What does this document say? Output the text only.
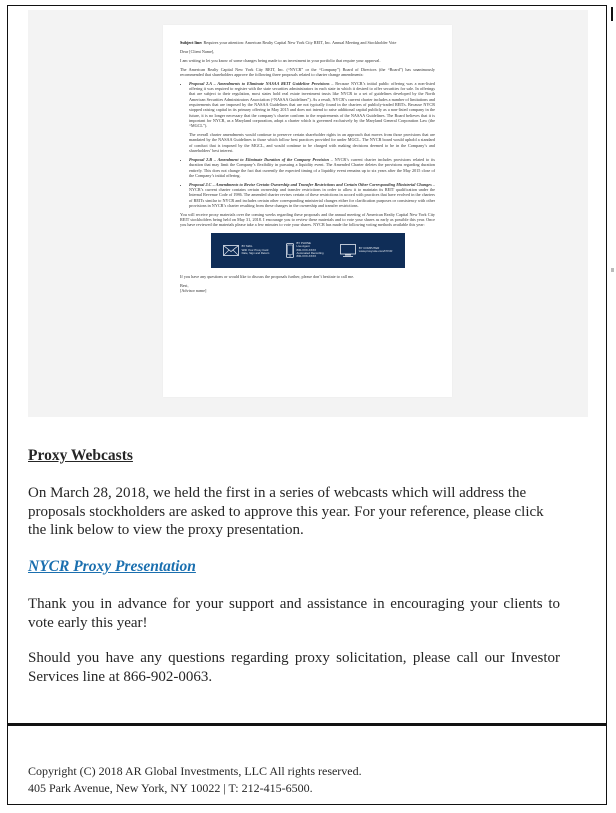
Subject line: Requires your attention: American Realty Capital New York City REIT, Inc. Annual Meeting and Stockholder Vote

Dear [Client Name],

I am writing to let you know of some changes being made to an investment in your portfolio that require your approval.

The American Realty Capital New York City REIT, Inc. (“NYCR” or the “Company”) Board of Directors (the “Board”) has unanimously recommended that shareholders approve the following three proposals related to charter change amendments:

• Proposal 2.A – Amendments to Eliminate NASAA REIT Guideline Provisions – Because NYCR’s initial public offering was a non-listed offering it was required to register with the state securities administrators in each state in which it desired to offer securities for sale. In offerings that are subject to their regulation, most states hold real estate investment trusts like NYCR to a set of guidelines developed by the North American Securities Administrators Association (“NASAA Guidelines”). As a result, NYCR’s current charter includes a number of limitations and requirements that are imposed by the NASAA Guidelines that are not typically found in the charters of publicly-traded REITs. Because NYCR stopped raising capital in its primary offering in May 2015 and does not intend to raise additional capital publicly as a non-listed company in the future, it is no longer necessary that the company’s charter conform to the requirements of the NASAA Guidelines. The Board believes that it is important for NYCR, as a Maryland corporation, adopt a charter which is governed exclusively by the Maryland General Corporation Law (the “MGCL”).

The overall charter amendments would continue to preserve certain shareholder rights in an approach that moves from those provisions that are mandated by the NASAA Guidelines to those which follow best practices provided for under MGCL. The NYCR board would uphold a standard of conduct that is imposed by the MGCL, and would continue to be charged with making decisions deemed to be in the Company’s and shareholders’ best interest.

• Proposal 2.B – Amendment to Eliminate Duration of the Company Provision – NYCR’s current charter includes provisions related to its duration that may limit the Company’s flexibility in pursuing a liquidity event. The Amended Charter deletes the provisions regarding duration entirely. This does not change the fact that currently the expected timing of a liquidity event remains up to six years after the May 2015 close of the Company’s initial offering.
• Proposal 2.C – Amendments to Revise Certain Ownership and Transfer Restrictions and Certain Other Corresponding Ministerial Changes – NYCR’s current charter contains certain ownership and transfer restrictions in order to allow it to maintain its REIT qualification under the Internal Revenue Code of 1986. The amended charter revises certain of these restrictions in accord with practices that have evolved in the charters of REITs similar to NYCR and includes certain other corresponding ministerial changes either for clarification purposes or consistency with other provisions in NYCR’s charter resulting from these changes in the ownership and transfer restrictions.

You will receive proxy materials over the coming weeks regarding these proposals and the annual meeting of American Realty Capital New York City REIT stockholders being held on May 31, 2018. I encourage you to review these materials and to vote your shares as early as possible this year. Once you have reviewed the materials please take a few minutes to vote your shares. NYCR has made the following voting methods available this year:

BY MAIL
With Your Proxy Card
Date, Sign and Return
BY PHONE
Live Agent
800-XXX-XXXX
Automated Recording
800-XXX-XXXX
BY COMPUTER
www.proxyvote.com/NYCR

If you have any questions or would like to discuss the proposals further, please don’t hesitate to call me.

Best,

[Advisor name]

Proxy Webcasts
On March 28, 2018, we held the first in a series of webcasts which will address the proposals stockholders are asked to approve this year. For your reference, please click the link below to view the proxy presentation.
NYCR Proxy Presentation
Thank you in advance for your support and assistance in encouraging your clients to vote early this year!
Should you have any questions regarding proxy solicitation, please call our Investor Services line at 866-902-0063.
Copyright (C) 2018 AR Global Investments, LLC All rights reserved.
405 Park Avenue, New York, NY 10022 | T: 212-415-6500.
